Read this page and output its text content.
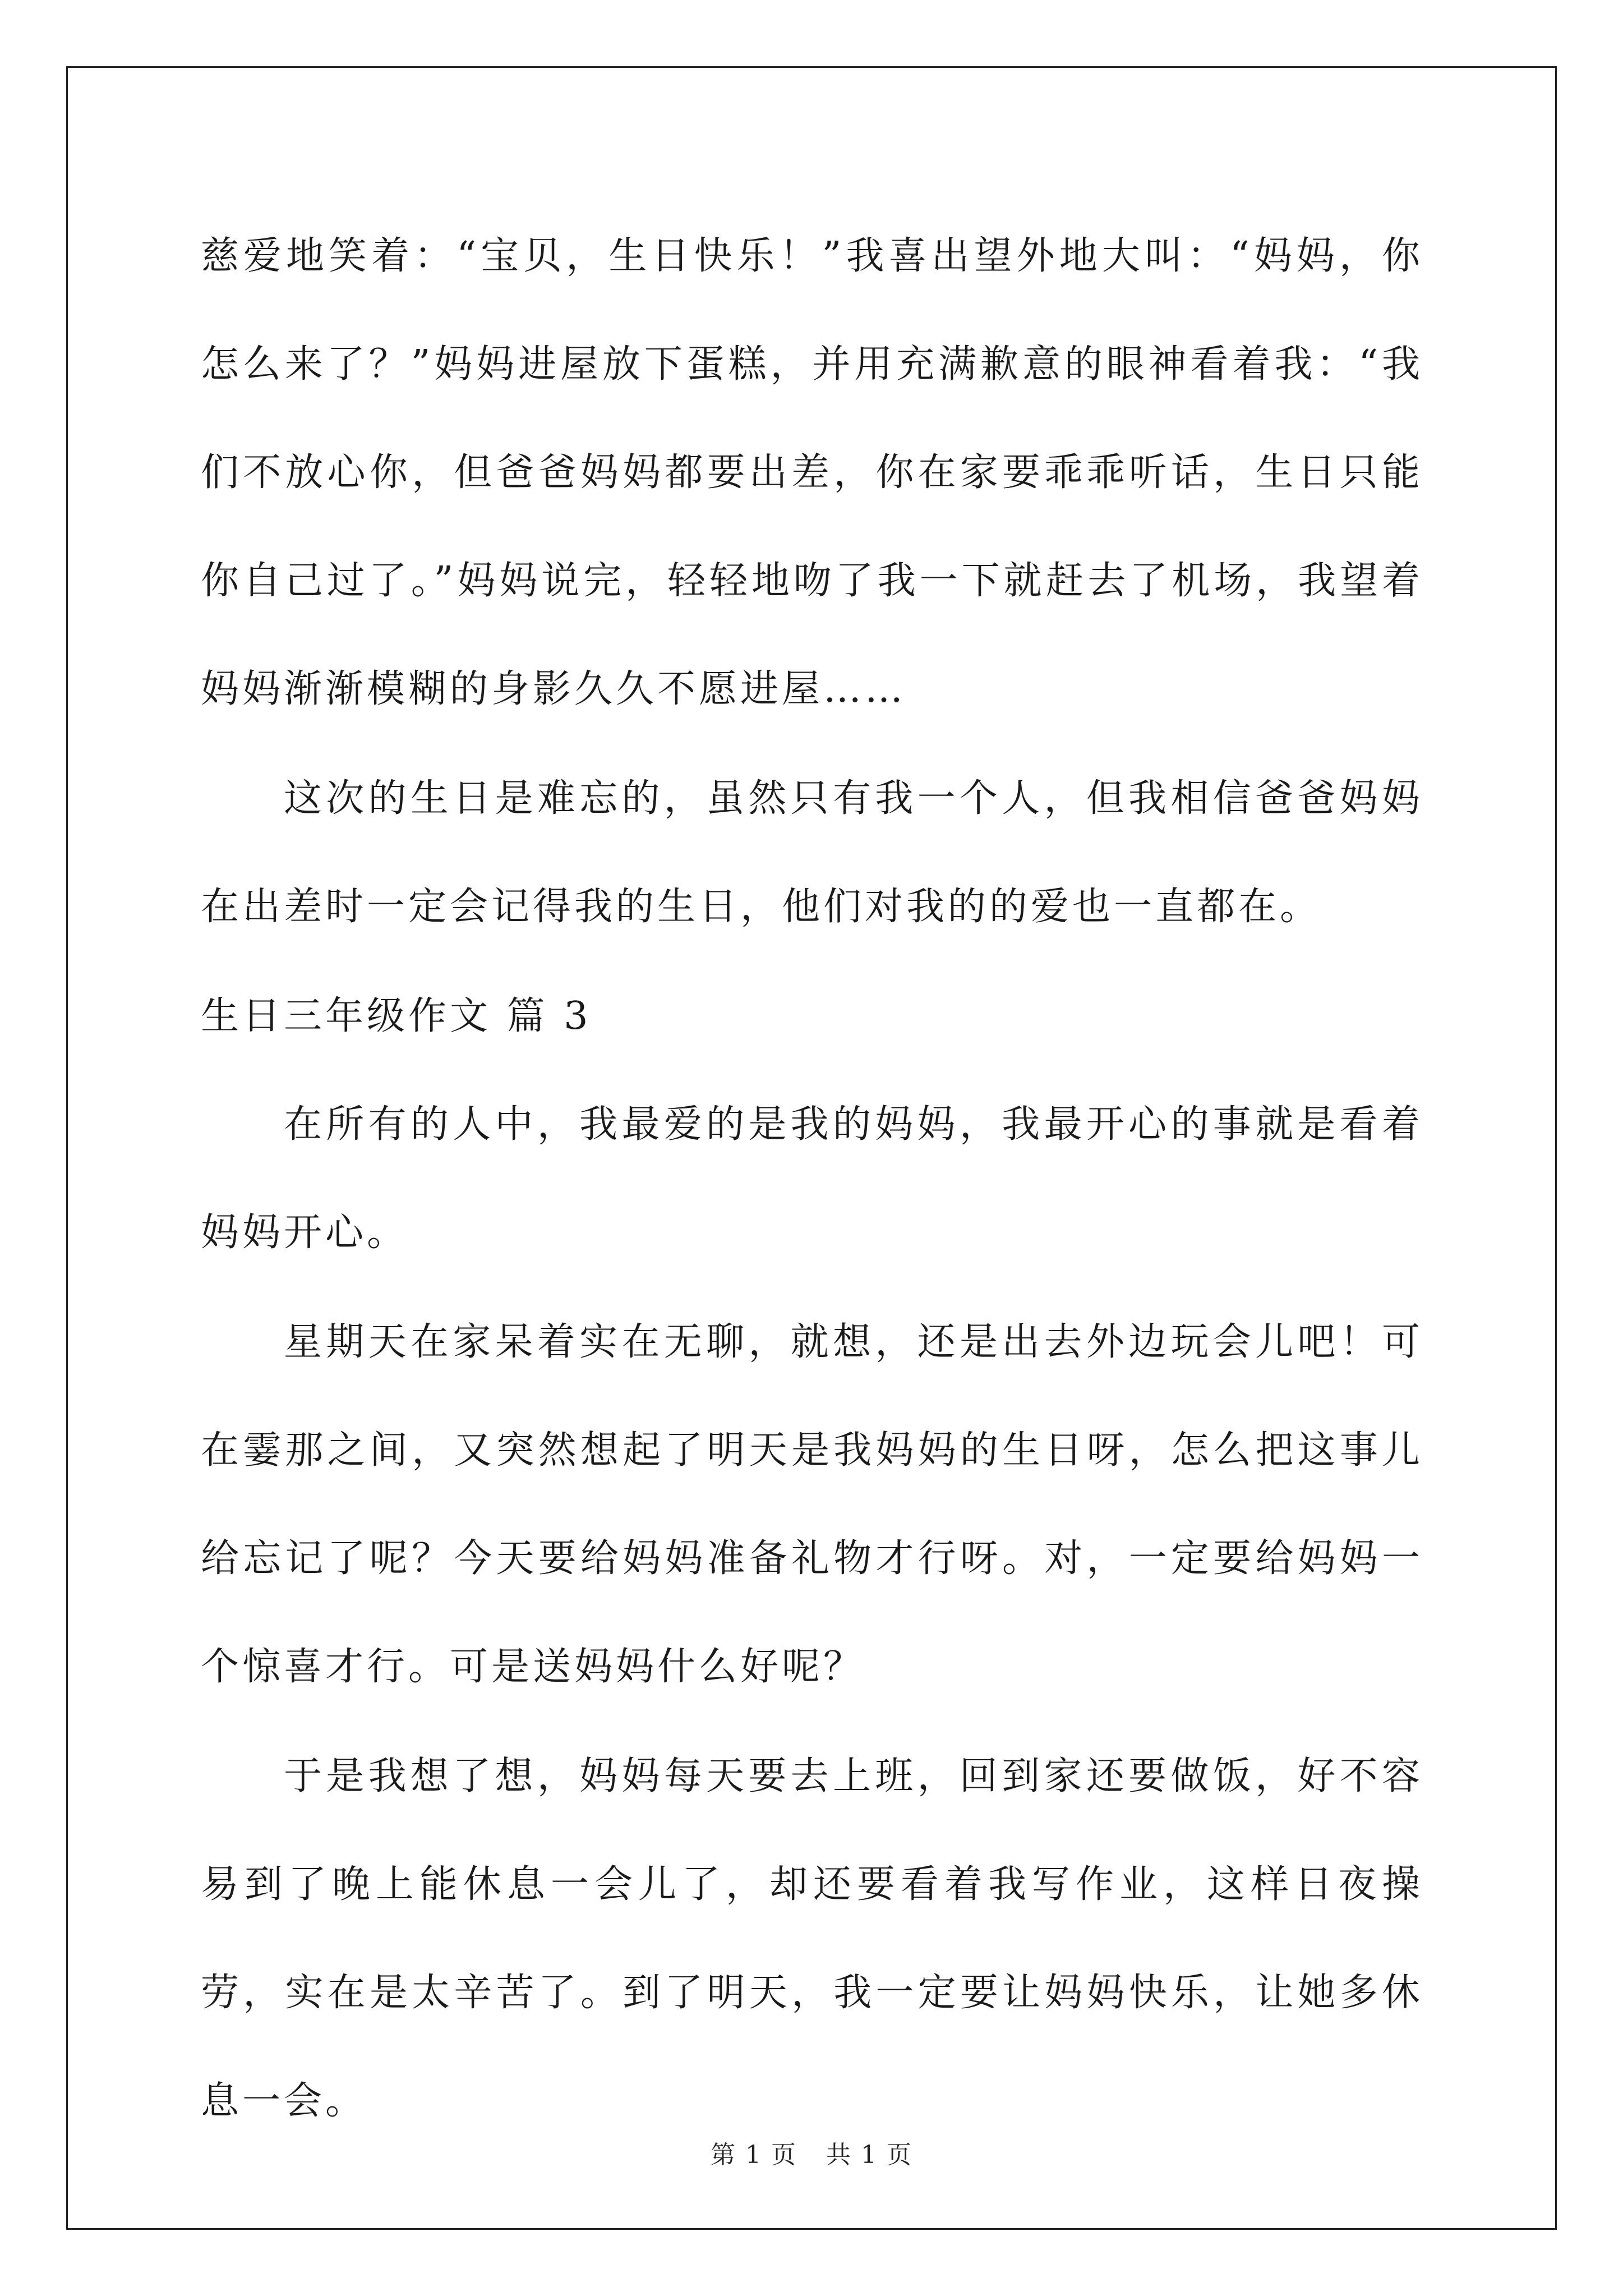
慈爱地笑着：“宝贝，生日快乐！”我喜出望外地大叫：“妈妈，你怎么来了？”妈妈进屋放下蛋糕，并用充满歉意的眼神看着我：“我们不放心你，但爸爸妈妈都要出差，你在家要乖乖听话，生日只能你自己过了。”妈妈说完，轻轻地吻了我一下就赶去了机场，我望着妈妈渐渐模糊的身影久久不愿进屋……

这次的生日是难忘的，虽然只有我一个人，但我相信爸爸妈妈在出差时一定会记得我的生日，他们对我的的爱也一直都在。

生日三年级作文 篇 3

在所有的人中，我最爱的是我的妈妈，我最开心的事就是看着妈妈开心。

星期天在家呆着实在无聊，就想，还是出去外边玩会儿吧！可在霎那之间，又突然想起了明天是我妈妈的生日呀，怎么把这事儿给忘记了呢？今天要给妈妈准备礼物才行呀。对，一定要给妈妈一个惊喜才行。可是送妈妈什么好呢？

于是我想了想，妈妈每天要去上班，回到家还要做饭，好不容易到了晚上能休息一会儿了，却还要看着我写作业，这样日夜操劳，实在是太辛苦了。到了明天，我一定要让妈妈快乐，让她多休息一会。

第 1 页 共 1 页
